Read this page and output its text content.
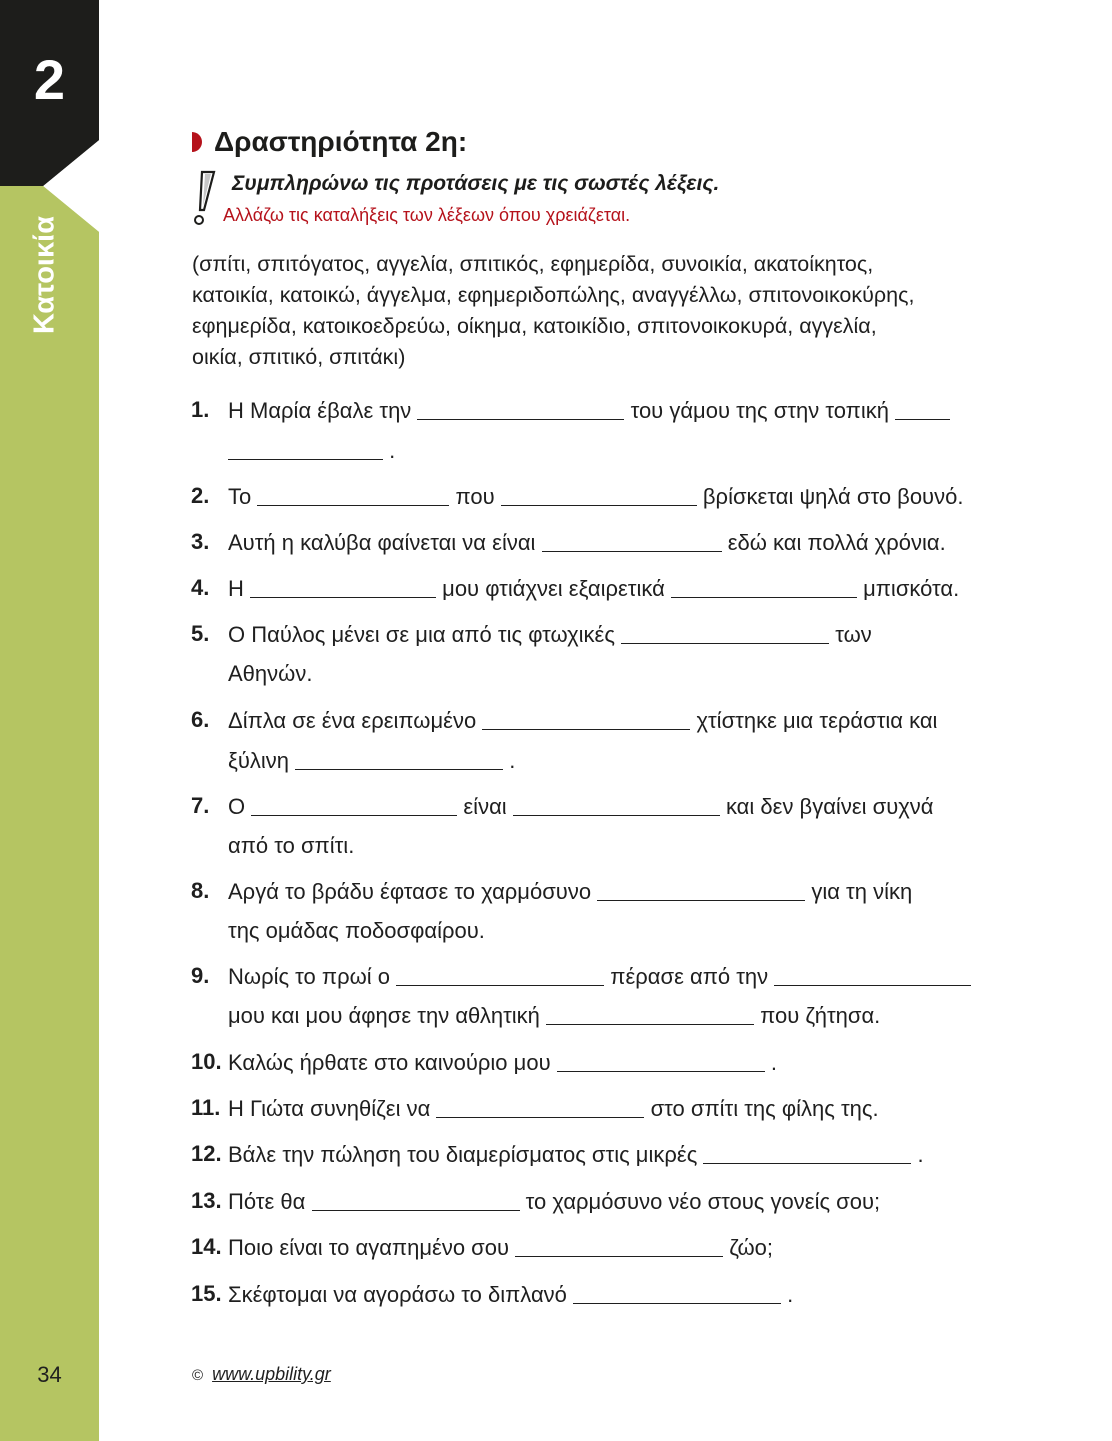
2
Κατοικία
34
Δραστηριότητα 2η:
Συμπληρώνω τις προτάσεις με τις σωστές λέξεις.
Αλλάζω τις καταλήξεις των λέξεων όπου χρειάζεται.
(σπίτι, σπιτόγατος, αγγελία, σπιτικός, εφημερίδα, συνοικία, ακατοίκητος,
κατοικία, κατοικώ, άγγελμα, εφημεριδοπώλης, αναγγέλλω, σπιτονοικοκύρης,
εφημερίδα, κατοικοεδρεύω, οίκημα, κατοικίδιο, σπιτονοικοκυρά, αγγελία,
οικία, σπιτικό, σπιτάκι)
1. Η Μαρία έβαλε την	του γάμου της στην τοπική
.
2. Το	που	βρίσκεται ψηλά στο βουνό.
3. Αυτή η καλύβα φαίνεται να είναι	εδώ και πολλά χρόνια.
4. Η	μου φτιάχνει εξαιρετικά	μπισκότα.
5. Ο Παύλος μένει σε μια από τις φτωχικές	των
Αθηνών.
6. Δίπλα σε ένα ερειπωμένο	χτίστηκε μια τεράστια και
ξύλινη	.
7. Ο	είναι	και δεν βγαίνει συχνά
από το σπίτι.
8. Αργά το βράδυ έφτασε το χαρμόσυνο	για τη νίκη
της ομάδας ποδοσφαίρου.
9. Νωρίς το πρωί ο	πέρασε από την
μου και μου άφησε την αθλητική	που ζήτησα.
10. Καλώς ήρθατε στο καινούριο μου	.
11. Η Γιώτα συνηθίζει να	στο σπίτι της φίλης της.
12. Βάλε την πώληση του διαμερίσματος στις μικρές	.
13. Πότε θα	το χαρμόσυνο νέο στους γονείς σου;
14. Ποιο είναι το αγαπημένο σου	ζώο;
15. Σκέφτομαι να αγοράσω το διπλανό	.
© www.upbility.gr
